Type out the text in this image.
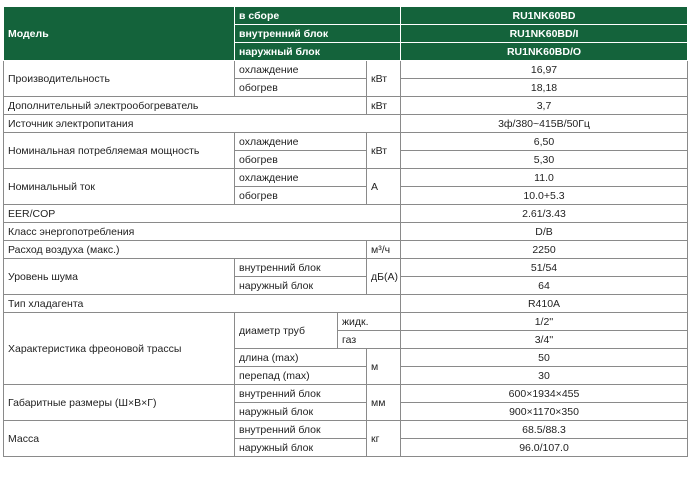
Модель	в сборе			RU1NK60BD
	внутренний блок			RU1NK60BD/I
	наружный блок			RU1NK60BD/O
Производительность	охлаждение		кВт	16,97
	обогрев			18,18
Дополнительный электрообогреватель			кВт	3,7
Источник электропитания				3ф/380~415В/50Гц
Номинальная потребляемая мощность	охлаждение		кВт	6,50
	обогрев			5,30
Номинальный ток	охлаждение		А	11.0
	обогрев			10.0+5.3
EER/COP				2.61/3.43
Класс энергопотребления				D/B
Расход воздуха (макс.)			м³/ч	2250
Уровень шума	внутренний блок		дБ(А)	51/54
	наружный блок			64
Тип хладагента				R410A
Характеристика фреоновой трассы	диаметр труб	жидк.		1/2''
		газ		3/4''
	длина (max)		м	50
	перепад (max)			30
Габаритные размеры (Ш×В×Г)	внутренний блок		мм	600×1934×455
	наружный блок			900×1170×350
Масса	внутренний блок		кг	68.5/88.3
	наружный блок			96.0/107.0
